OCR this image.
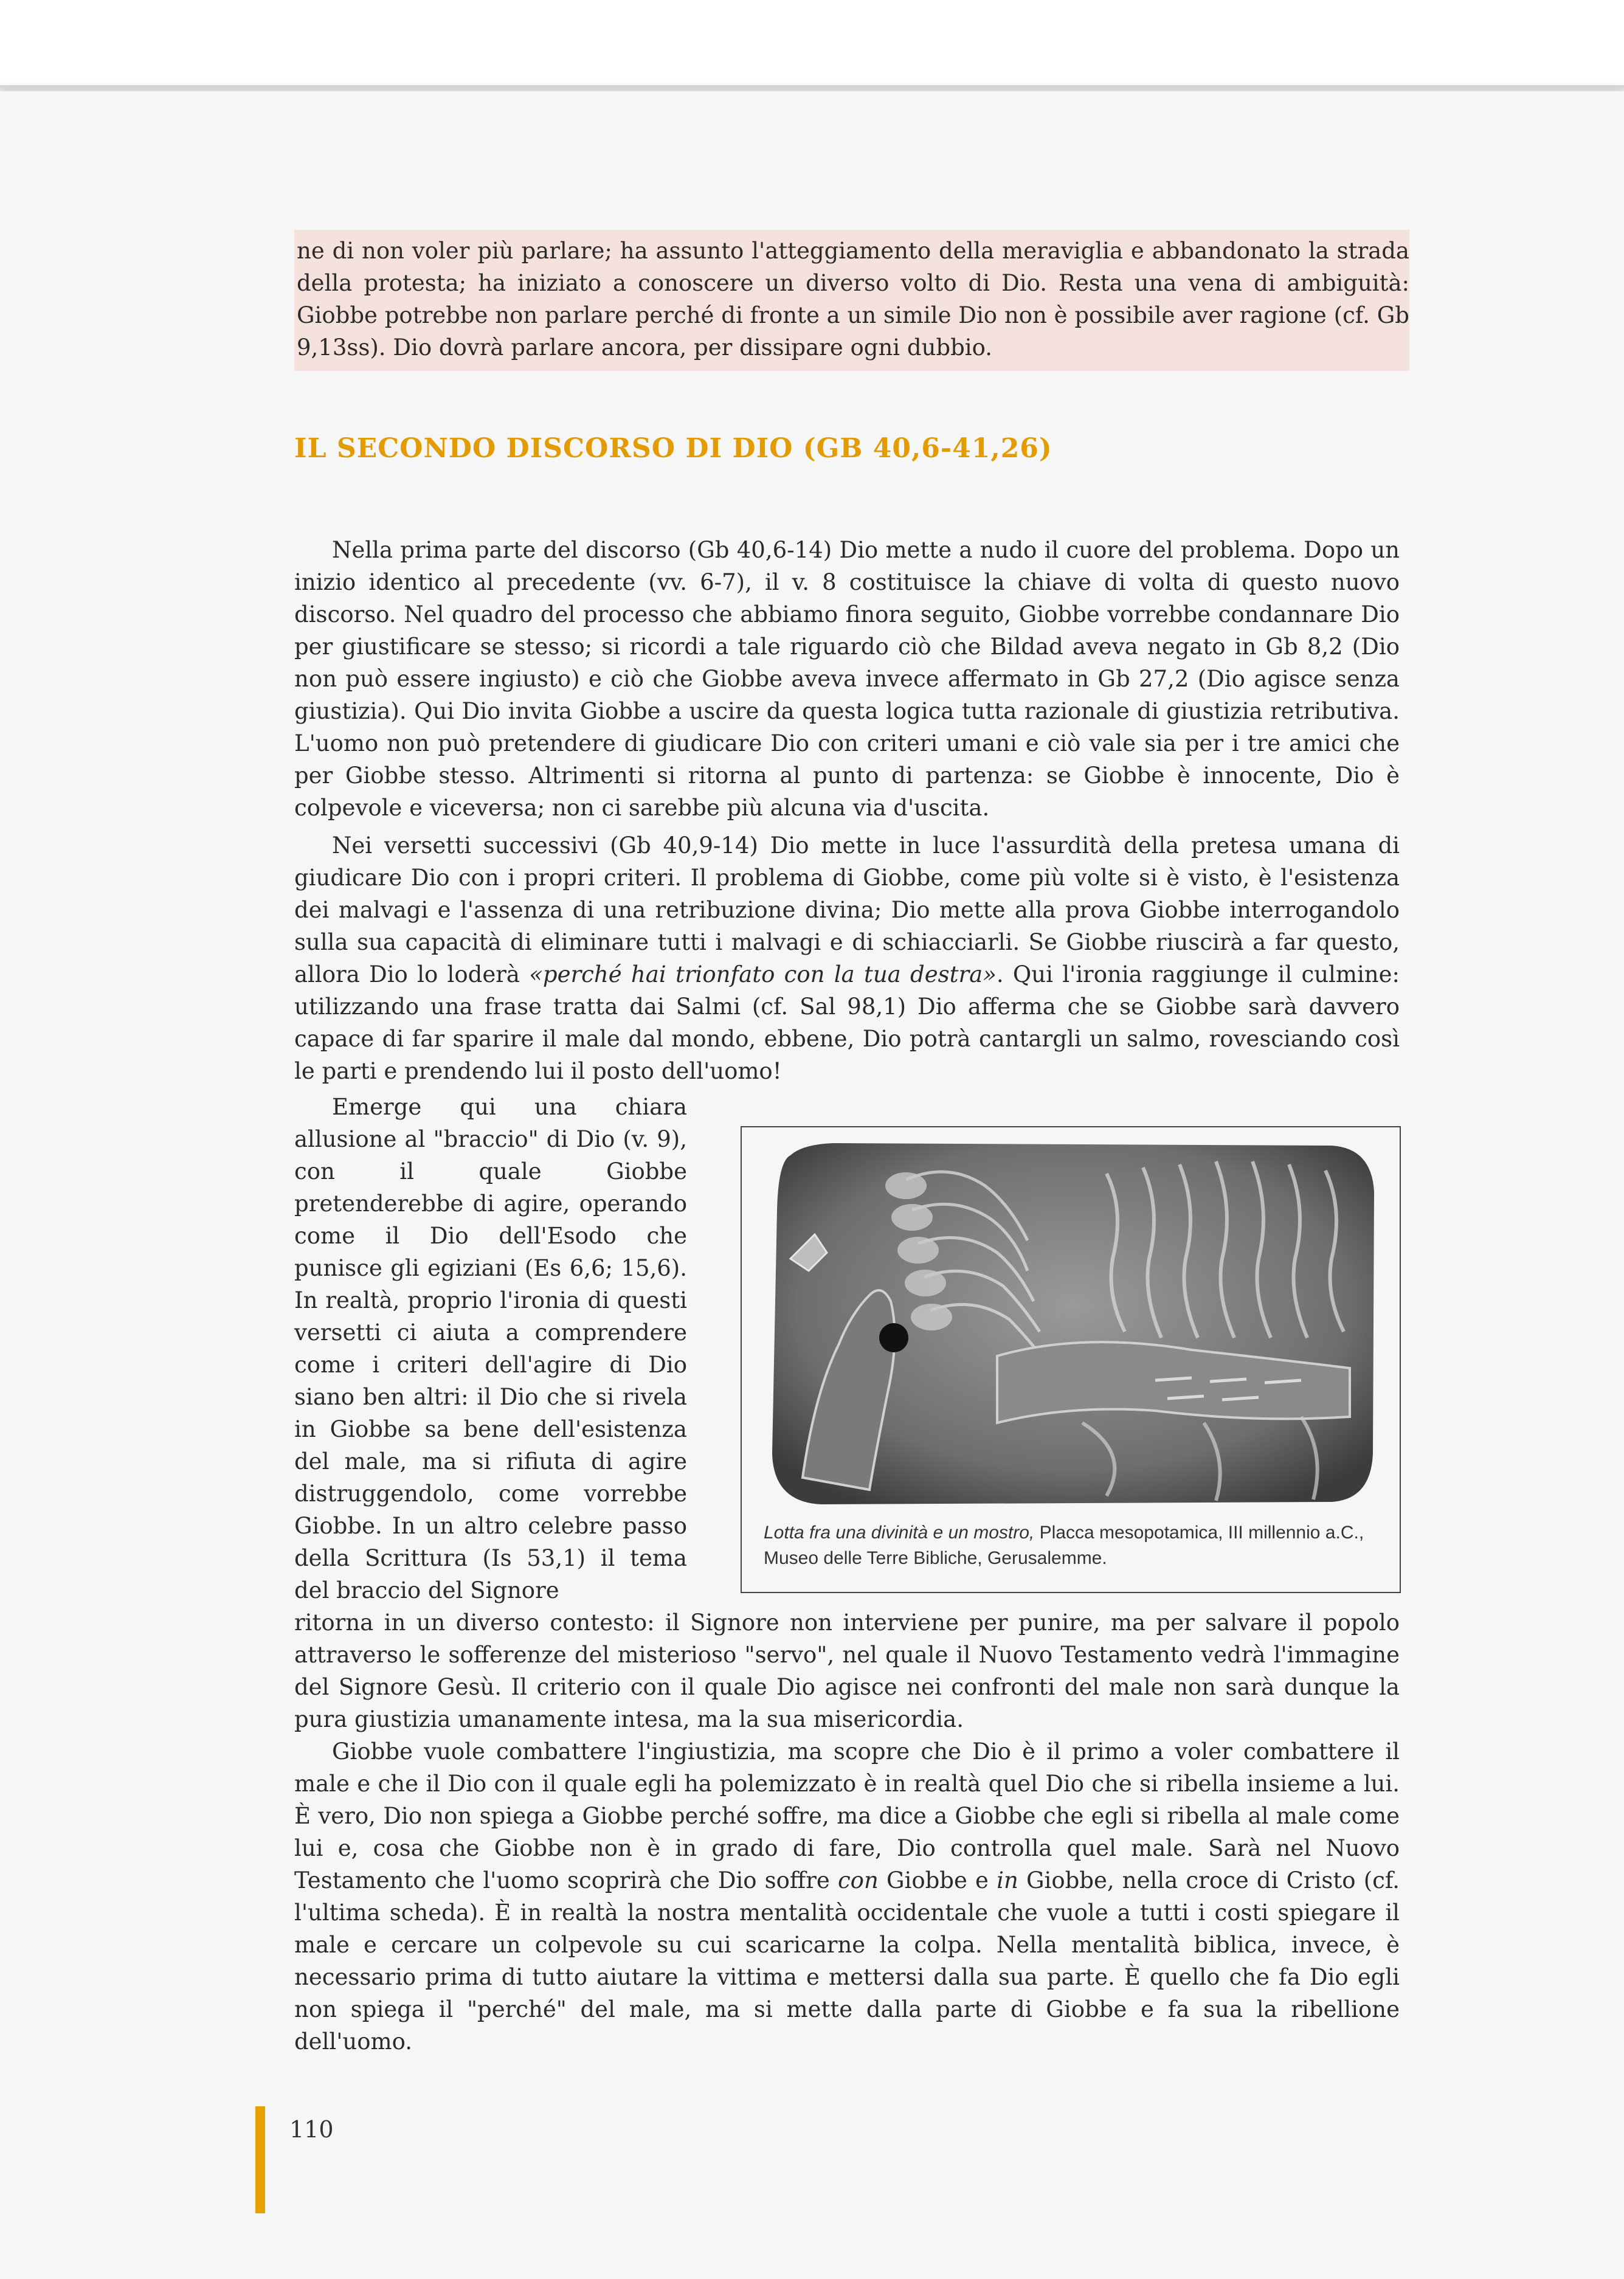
ne di non voler più parlare; ha assunto l'atteggiamento della meraviglia e abbandonato la strada della protesta; ha iniziato a conoscere un diverso volto di Dio. Resta una vena di ambiguità: Giobbe potrebbe non parlare perché di fronte a un simile Dio non è possibile aver ragione (cf. Gb 9,13ss). Dio dovrà parlare ancora, per dissipare ogni dubbio.

IL SECONDO DISCORSO DI DIO (GB 40,6-41,26)

Nella prima parte del discorso (Gb 40,6-14) Dio mette a nudo il cuore del problema. Dopo un inizio identico al precedente (vv. 6-7), il v. 8 costituisce la chiave di volta di questo nuovo discorso. Nel quadro del processo che abbiamo finora seguito, Giobbe vorrebbe condannare Dio per giustificare se stesso; si ricordi a tale riguardo ciò che Bildad aveva negato in Gb 8,2 (Dio non può essere ingiusto) e ciò che Giobbe aveva invece affermato in Gb 27,2 (Dio agisce senza giustizia). Qui Dio invita Giobbe a uscire da questa logica tutta razionale di giustizia retributiva. L'uomo non può pretendere di giudicare Dio con criteri umani e ciò vale sia per i tre amici che per Giobbe stesso. Altrimenti si ritorna al punto di partenza: se Giobbe è innocente, Dio è colpevole e viceversa; non ci sarebbe più alcuna via d'uscita.

Nei versetti successivi (Gb 40,9-14) Dio mette in luce l'assurdità della pretesa umana di giudicare Dio con i propri criteri. Il problema di Giobbe, come più volte si è visto, è l'esistenza dei malvagi e l'assenza di una retribuzione divina; Dio mette alla prova Giobbe interrogandolo sulla sua capacità di eliminare tutti i malvagi e di schiacciarli. Se Giobbe riuscirà a far questo, allora Dio lo loderà «perché hai trionfato con la tua destra». Qui l'ironia raggiunge il culmine: utilizzando una frase tratta dai Salmi (cf. Sal 98,1) Dio afferma che se Giobbe sarà davvero capace di far sparire il male dal mondo, ebbene, Dio potrà cantargli un salmo, rovesciando così le parti e prendendo lui il posto dell'uomo!

Emerge qui una chiara allusione al "braccio" di Dio (v. 9), con il quale Giobbe pretenderebbe di agire, operando come il Dio dell'Esodo che punisce gli egiziani (Es 6,6; 15,6). In realtà, proprio l'ironia di questi versetti ci aiuta a comprendere come i criteri dell'agire di Dio siano ben altri: il Dio che si rivela in Giobbe sa bene dell'esistenza del male, ma si rifiuta di agire distruggendolo, come vorrebbe Giobbe. In un altro celebre passo della Scrittura (Is 53,1) il tema del braccio del Signore

Lotta fra una divinità e un mostro, Placca mesopotamica, III millennio a.C., Museo delle Terre Bibliche, Gerusalemme.

ritorna in un diverso contesto: il Signore non interviene per punire, ma per salvare il popolo attraverso le sofferenze del misterioso "servo", nel quale il Nuovo Testamento vedrà l'immagine del Signore Gesù. Il criterio con il quale Dio agisce nei confronti del male non sarà dunque la pura giustizia umanamente intesa, ma la sua misericordia.

Giobbe vuole combattere l'ingiustizia, ma scopre che Dio è il primo a voler combattere il male e che il Dio con il quale egli ha polemizzato è in realtà quel Dio che si ribella insieme a lui. È vero, Dio non spiega a Giobbe perché soffre, ma dice a Giobbe che egli si ribella al male come lui e, cosa che Giobbe non è in grado di fare, Dio controlla quel male. Sarà nel Nuovo Testamento che l'uomo scoprirà che Dio soffre con Giobbe e in Giobbe, nella croce di Cristo (cf. l'ultima scheda). È in realtà la nostra mentalità occidentale che vuole a tutti i costi spiegare il male e cercare un colpevole su cui scaricarne la colpa. Nella mentalità biblica, invece, è necessario prima di tutto aiutare la vittima e mettersi dalla sua parte. È quello che fa Dio egli non spiega il "perché" del male, ma si mette dalla parte di Giobbe e fa sua la ribellione dell'uomo.

110
